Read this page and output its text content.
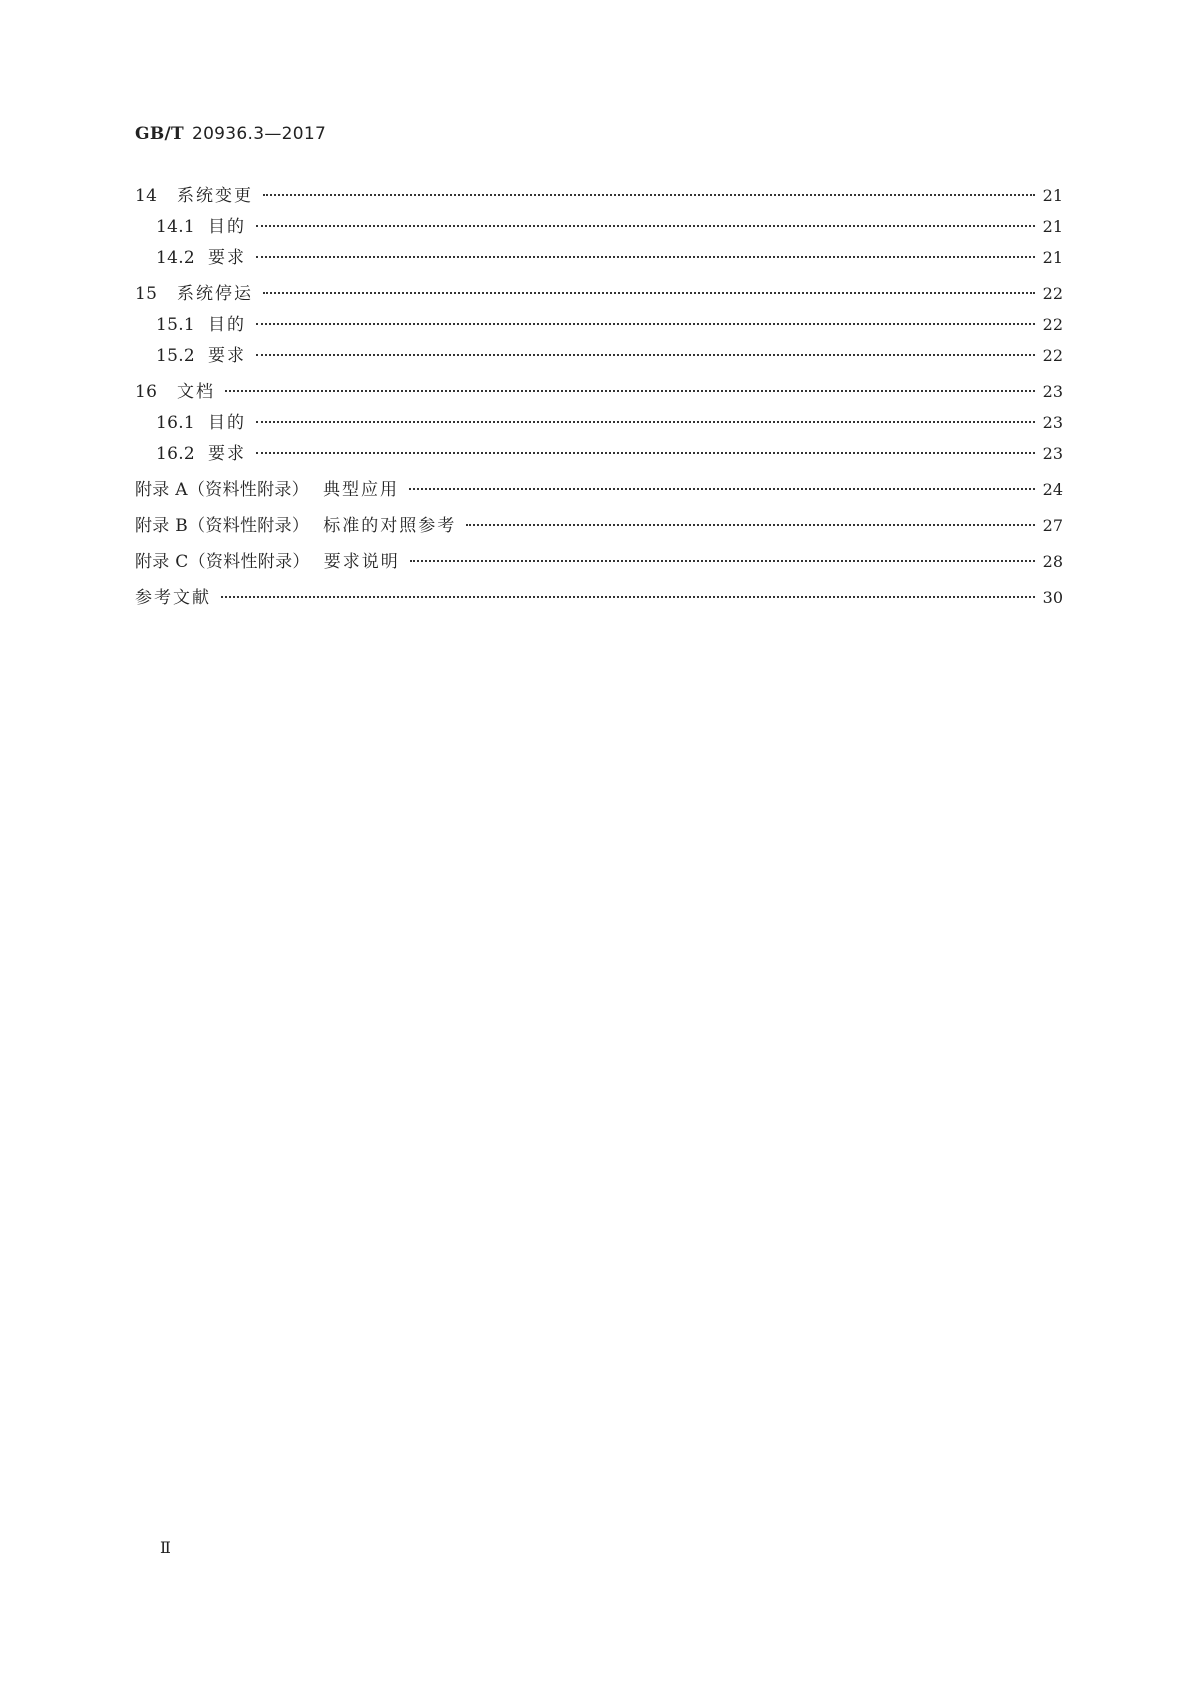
GB/T 20936.3—2017
14	系统变更	21
14.1 目的	21
14.2 要求	21
15	系统停运	22
15.1 目的	22
15.2 要求	22
16	文档	23
16.1 目的	23
16.2 要求	23
附录 A（资料性附录） 典型应用	24
附录 B（资料性附录） 标准的对照参考	27
附录 C（资料性附录） 要求说明	28
参考文献	30
Ⅱ
